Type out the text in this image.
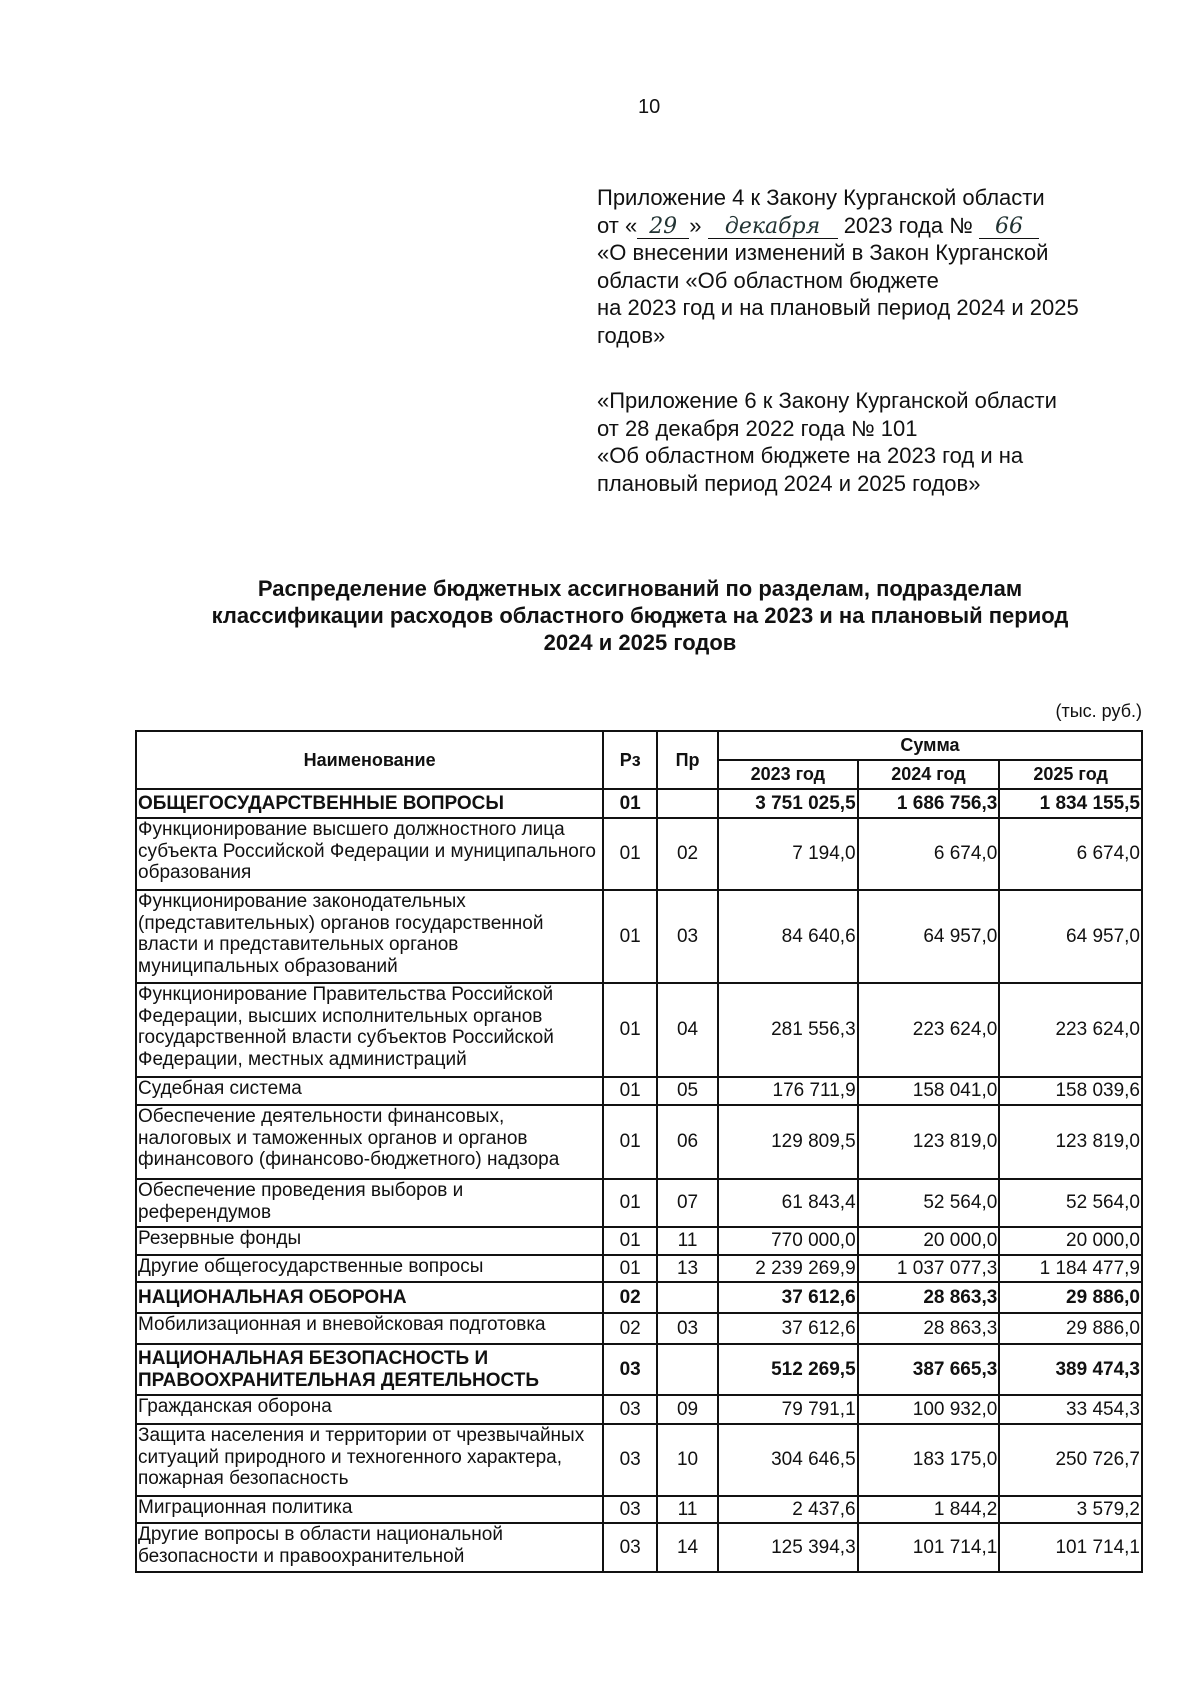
10
Приложение 4 к Закону Курганской области
от « 29 » декабря 2023 года № 66
«О внесении изменений в Закон Курганской
области «Об областном бюджете
на 2023 год и на плановый период 2024 и 2025
годов»
«Приложение 6 к Закону Курганской области
от 28 декабря 2022 года № 101
«Об областном бюджете на 2023 год и на
плановый период 2024 и 2025 годов»
Распределение бюджетных ассигнований по разделам, подразделам
классификации расходов областного бюджета на 2023 и на плановый период
2024 и 2025 годов
(тыс. руб.)
Наименование	Рз	Пр	Сумма		
			2023 год	2024 год	2025 год
ОБЩЕГОСУДАРСТВЕННЫЕ ВОПРОСЫ	01		3 751 025,5	1 686 756,3	1 834 155,5
Функционирование высшего должностного лица субъекта Российской Федерации и муниципального образования	01	02	7 194,0	6 674,0	6 674,0
Функционирование законодательных (представительных) органов государственной власти и представительных органов муниципальных образований	01	03	84 640,6	64 957,0	64 957,0
Функционирование Правительства Российской Федерации, высших исполнительных органов государственной власти субъектов Российской Федерации, местных администраций	01	04	281 556,3	223 624,0	223 624,0
Судебная система	01	05	176 711,9	158 041,0	158 039,6
Обеспечение деятельности финансовых, налоговых и таможенных органов и органов финансового (финансово-бюджетного) надзора	01	06	129 809,5	123 819,0	123 819,0
Обеспечение проведения выборов и референдумов	01	07	61 843,4	52 564,0	52 564,0
Резервные фонды	01	11	770 000,0	20 000,0	20 000,0
Другие общегосударственные вопросы	01	13	2 239 269,9	1 037 077,3	1 184 477,9
НАЦИОНАЛЬНАЯ ОБОРОНА	02		37 612,6	28 863,3	29 886,0
Мобилизационная и вневойсковая подготовка	02	03	37 612,6	28 863,3	29 886,0
НАЦИОНАЛЬНАЯ БЕЗОПАСНОСТЬ И ПРАВООХРАНИТЕЛЬНАЯ ДЕЯТЕЛЬНОСТЬ	03		512 269,5	387 665,3	389 474,3
Гражданская оборона	03	09	79 791,1	100 932,0	33 454,3
Защита населения и территории от чрезвычайных ситуаций природного и техногенного характера, пожарная безопасность	03	10	304 646,5	183 175,0	250 726,7
Миграционная политика	03	11	2 437,6	1 844,2	3 579,2
Другие вопросы в области национальной безопасности и правоохранительной	03	14	125 394,3	101 714,1	101 714,1
